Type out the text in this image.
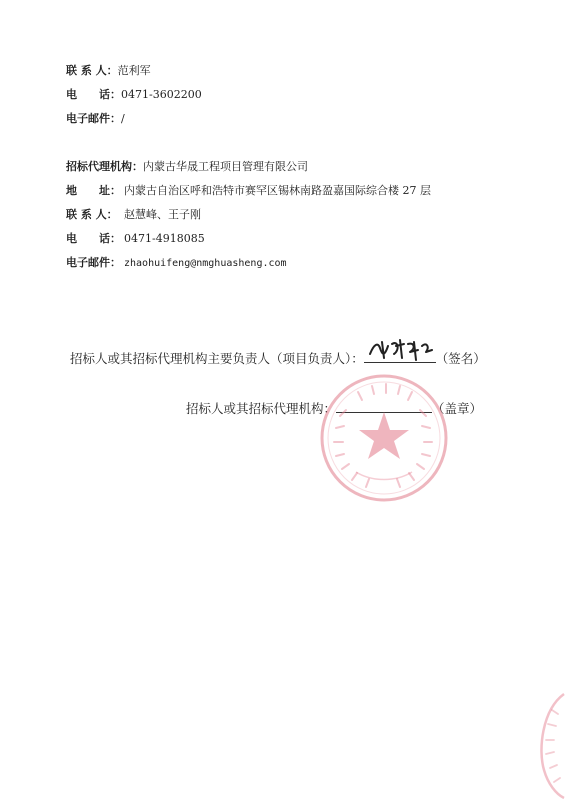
联 系 人：范利军
电　　话：0471-3602200
电子邮件：/
招标代理机构：内蒙古华晟工程项目管理有限公司
地　　址： 内蒙古自治区呼和浩特市赛罕区锡林南路盈嘉国际综合楼 27 层
联 系 人： 赵慧峰、王子刚
电　　话： 0471-4918085
电子邮件： zhaohuifeng@nmghuasheng.com
招标人或其招标代理机构主要负责人（项目负责人）：	（签名）
招标人或其招标代理机构：	（盖章）
